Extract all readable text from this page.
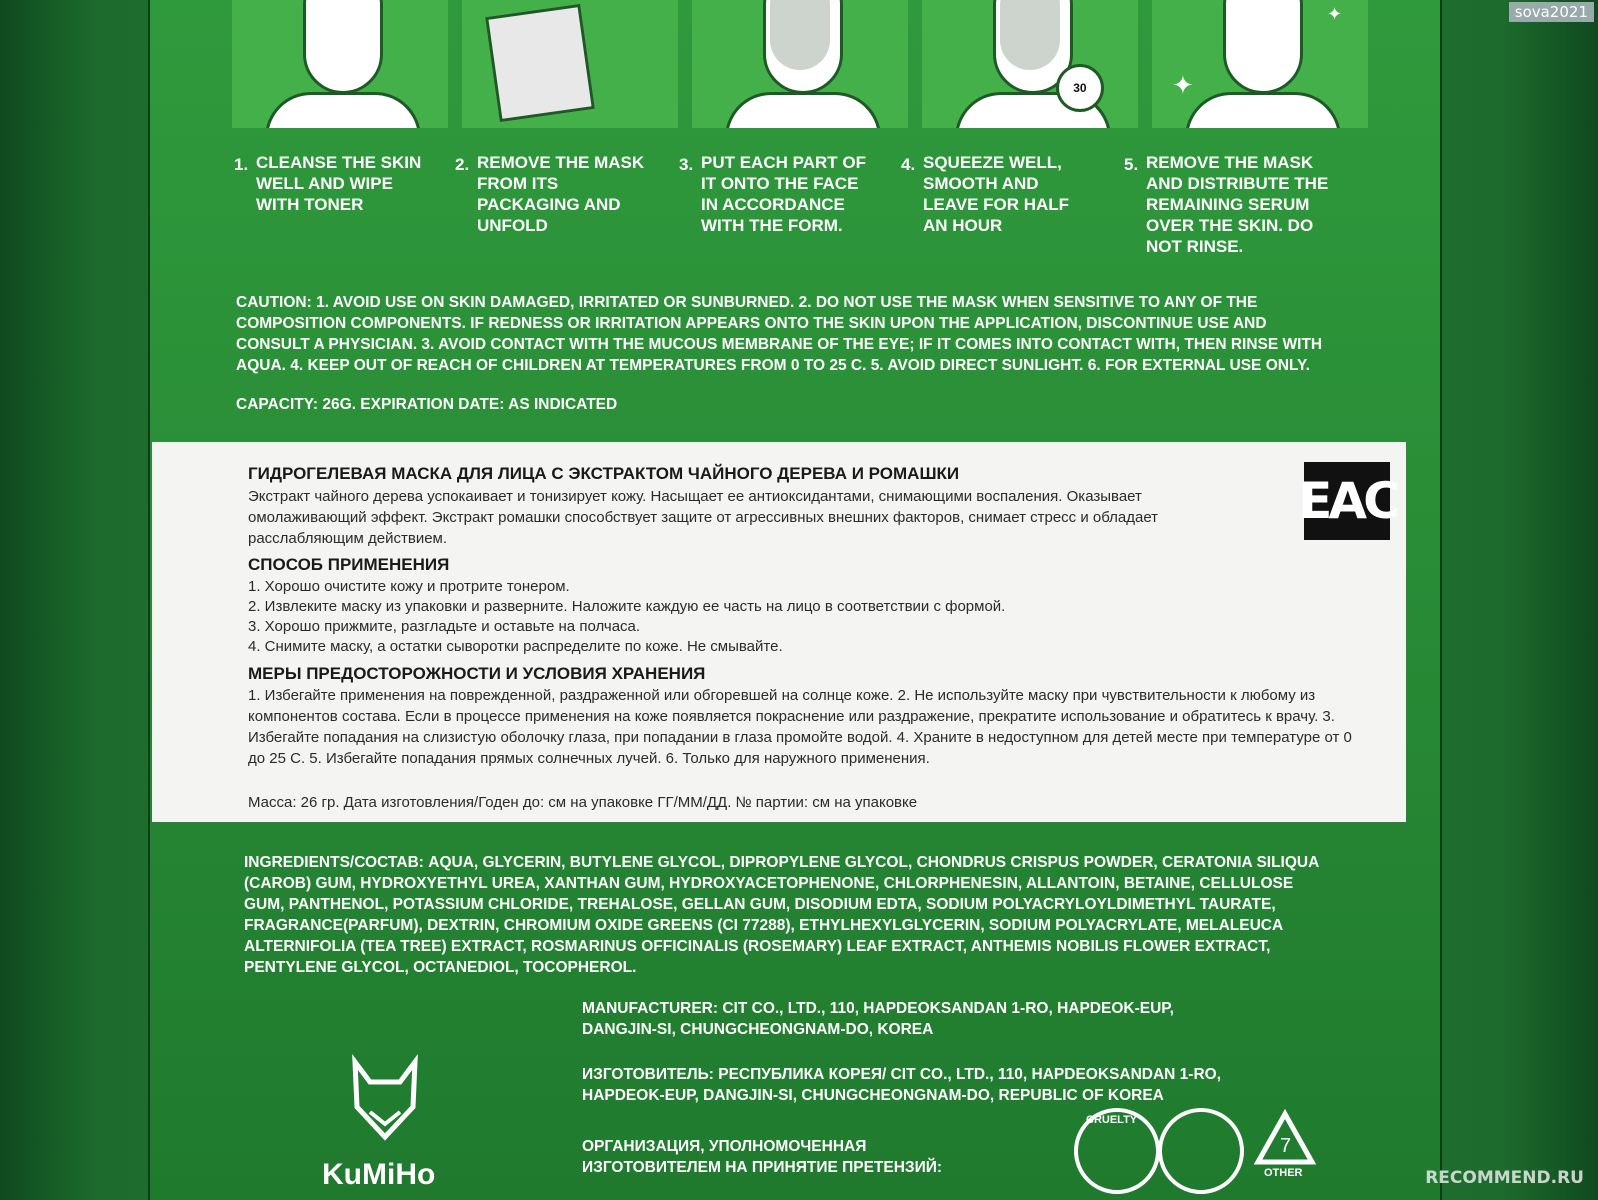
30	✦
✦
1. CLEANSE THE SKIN WELL AND WIPE WITH TONER
2. REMOVE THE MASK FROM ITS PACKAGING AND UNFOLD
3. PUT EACH PART OF IT ONTO THE FACE IN ACCORDANCE WITH THE FORM.
4. SQUEEZE WELL, SMOOTH AND LEAVE FOR HALF AN HOUR
5. REMOVE THE MASK AND DISTRIBUTE THE REMAINING SERUM OVER THE SKIN. DO NOT RINSE.
CAUTION: 1. AVOID USE ON SKIN DAMAGED, IRRITATED OR SUNBURNED. 2. DO NOT USE THE MASK WHEN SENSITIVE TO ANY OF THE COMPOSITION COMPONENTS. IF REDNESS OR IRRITATION APPEARS ONTO THE SKIN UPON THE APPLICATION, DISCONTINUE USE AND CONSULT A PHYSICIAN. 3. AVOID CONTACT WITH THE MUCOUS MEMBRANE OF THE EYE; IF IT COMES INTO CONTACT WITH, THEN RINSE WITH AQUA. 4. KEEP OUT OF REACH OF CHILDREN AT TEMPERATURES FROM 0 TO 25 C. 5. AVOID DIRECT SUNLIGHT. 6. FOR EXTERNAL USE ONLY.
CAPACITY: 26G. EXPIRATION DATE: AS INDICATED
ГИДРОГЕЛЕВАЯ МАСКА ДЛЯ ЛИЦА С ЭКСТРАКТОМ ЧАЙНОГО ДЕРЕВА И РОМАШКИ
Экстракт чайного дерева успокаивает и тонизирует кожу. Насыщает ее антиоксидантами, снимающими воспаления. Оказывает омолаживающий эффект. Экстракт ромашки способствует защите от агрессивных внешних факторов, снимает стресс и обладает расслабляющим действием.
EAC
СПОСОБ ПРИМЕНЕНИЯ
1. Хорошо очистите кожу и протрите тонером.
2. Извлеките маску из упаковки и разверните. Наложите каждую ее часть на лицо в соответствии с формой.
3. Хорошо прижмите, разгладьте и оставьте на полчаса.
4. Снимите маску, а остатки сыворотки распределите по коже. Не смывайте.
МЕРЫ ПРЕДОСТОРОЖНОСТИ И УСЛОВИЯ ХРАНЕНИЯ
1. Избегайте применения на поврежденной, раздраженной или обгоревшей на солнце коже. 2. Не используйте маску при чувствительности к любому из компонентов состава. Если в процессе применения на коже появляется покраснение или раздражение, прекратите использование и обратитесь к врачу. 3. Избегайте попадания на слизистую оболочку глаза, при попадании в глаза промойте водой. 4. Храните в недоступном для детей месте при температуре от 0 до 25 С. 5. Избегайте попадания прямых солнечных лучей. 6. Только для наружного применения.
Масса: 26 гр. Дата изготовления/Годен до: см на упаковке ГГ/ММ/ДД. № партии: см на упаковке
INGREDIENTS/СОСТАВ: AQUA, GLYCERIN, BUTYLENE GLYCOL, DIPROPYLENE GLYCOL, CHONDRUS CRISPUS POWDER, CERATONIA SILIQUA (CAROB) GUM, HYDROXYETHYL UREA, XANTHAN GUM, HYDROXYACETOPHENONE, CHLORPHENESIN, ALLANTOIN, BETAINE, CELLULOSE GUM, PANTHENOL, POTASSIUM CHLORIDE, TREHALOSE, GELLAN GUM, DISODIUM EDTA, SODIUM POLYACRYLOYLDIMETHYL TAURATE, FRAGRANCE(PARFUM), DEXTRIN, CHROMIUM OXIDE GREENS (CI 77288), ETHYLHEXYLGLYCERIN, SODIUM POLYACRYLATE, MELALEUCA ALTERNIFOLIA (TEA TREE) EXTRACT, ROSMARINUS OFFICINALIS (ROSEMARY) LEAF EXTRACT, ANTHEMIS NOBILIS FLOWER EXTRACT, PENTYLENE GLYCOL, OCTANEDIOL, TOCOPHEROL.
MANUFACTURER: CIT CO., LTD., 110, HAPDEOKSANDAN 1-RO, HAPDEOK-EUP, DANGJIN-SI, CHUNGCHEONGNAM-DO, KOREA
ИЗГОТОВИТЕЛЬ: РЕСПУБЛИКА КОРЕЯ/ CIT CO., LTD., 110, HAPDEOKSANDAN 1-RO, HAPDEOK-EUP, DANGJIN-SI, CHUNGCHEONGNAM-DO, REPUBLIC OF KOREA
ОРГАНИЗАЦИЯ, УПОЛНОМОЧЕННАЯ ИЗГОТОВИТЕЛЕМ НА ПРИНЯТИЕ ПРЕТЕНЗИЙ:
KuMiHo
CRUELTY
7
OTHER
sova2021
RECOMMEND.RU
